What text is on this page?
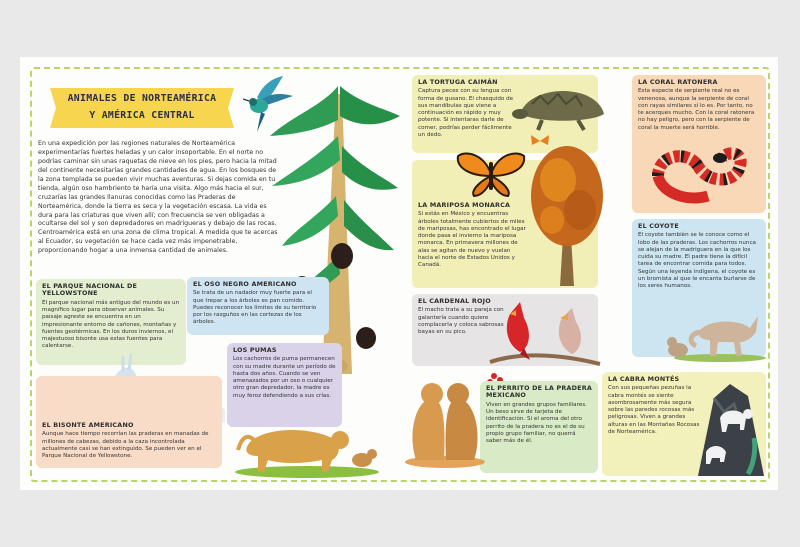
ANIMALES DE NORTEAMÉRICA
Y AMÉRICA CENTRAL
En una expedición por las regiones naturales de Norteamérica experimentarías fuertes heladas y un calor insoportable. En el norte no podrías caminar sin unas raquetas de nieve en los pies, pero hacia la mitad del continente necesitarías grandes cantidades de agua. En los bosques de la zona templada se pueden vivir muchas aventuras. Si dejas comida en tu tienda, algún oso hambriento te haría una visita. Algo más hacia el sur, cruzarías las grandes llanuras conocidas como las Praderas de Norteamérica, donde la tierra es seca y la vegetación escasa. La vida es dura para las criaturas que viven allí; con frecuencia se ven obligadas a ocultarse del sol y son depredadores en madrigueras y debajo de las rocas. Centroamérica está en una zona de clima tropical. A medida que te acercas al Ecuador, su vegetación se hace cada vez más impenetrable, proporcionando hogar a una inmensa cantidad de animales.

EL PARQUE NACIONAL DE YELLOWSTONE

El parque nacional más antiguo del mundo es un magnífico lugar para observar animales. Su paisaje agreste se encuentra en un impresionante entorno de cañones, montañas y fuentes geotérmicas. En los duros inviernos, el majestuoso bisonte usa estas fuentes para calentarse.

EL OSO NEGRO AMERICANO

Se trata de un nadador muy fuerte para el que trepar a los árboles es pan comido. Puedes reconocer los límites de su territorio por los rasguños en las cortezas de los árboles.

LOS PUMAS

Los cachorros de puma permanecen con su madre durante un período de hasta dos años. Cuando se ven amenazados por un oso o cualquier otro gran depredador, la madre es muy feroz defendiendo a sus crías.

EL BISONTE AMERICANO

Aunque hace tiempo recorrían las praderas en manadas de millones de cabezas, debido a la caza incontrolada actualmente casi se han extinguido. Se pueden ver en el Parque Nacional de Yellowstone.

LA TORTUGA CAIMÁN

Captura peces con su lengua con forma de gusano. El chasquido de sus mandíbulas que viene a continuación es rápido y muy potente. Si intentaras darle de comer, podrías perder fácilmente un dedo.

LA MARIPOSA MONARCA

Si estás en México y encuentras árboles totalmente cubiertos de miles de mariposas, has encontrado el lugar donde pasa el invierno la mariposa monarca. En primavera millones de alas se agitan de nuevo y vuelan hacia el norte de Estados Unidos y Canadá.

EL CARDENAL ROJO

El macho trata a su pareja con galantería cuando quiere complacerla y coloca sabrosas bayas en su pico.

EL PERRITO DE LA PRADERA MEXICANO

Viven en grandes grupos familiares. Un beso sirve de tarjeta de identificación. Si el aroma del otro perrito de la pradera no es el de su propio grupo familiar, no querrá saber más de él.

LA CORAL RATONERA

Esta especie de serpiente real no es venenosa, aunque la serpiente de coral con rayas similares sí lo es. Por tanto, no te acerques mucho. Con la coral ratonera no hay peligro, pero con la serpiente de coral la muerte será horrible.

EL COYOTE

El coyote también se le conoce como el lobo de las praderas. Los cachorros nunca se alejan de la madriguera en la que los cuida su madre. El padre tiene la difícil tarea de encontrar comida para todos. Según una leyenda indígena, el coyote es un bromista al que le encanta burlarse de los seres humanos.

LA CABRA MONTÉS

Con sus pequeñas pezuñas la cabra montés se siente asombrosamente más segura sobre las paredes rocosas más peligrosas. Viven a grandes alturas en las Montañas Rocosas de Norteamérica.
